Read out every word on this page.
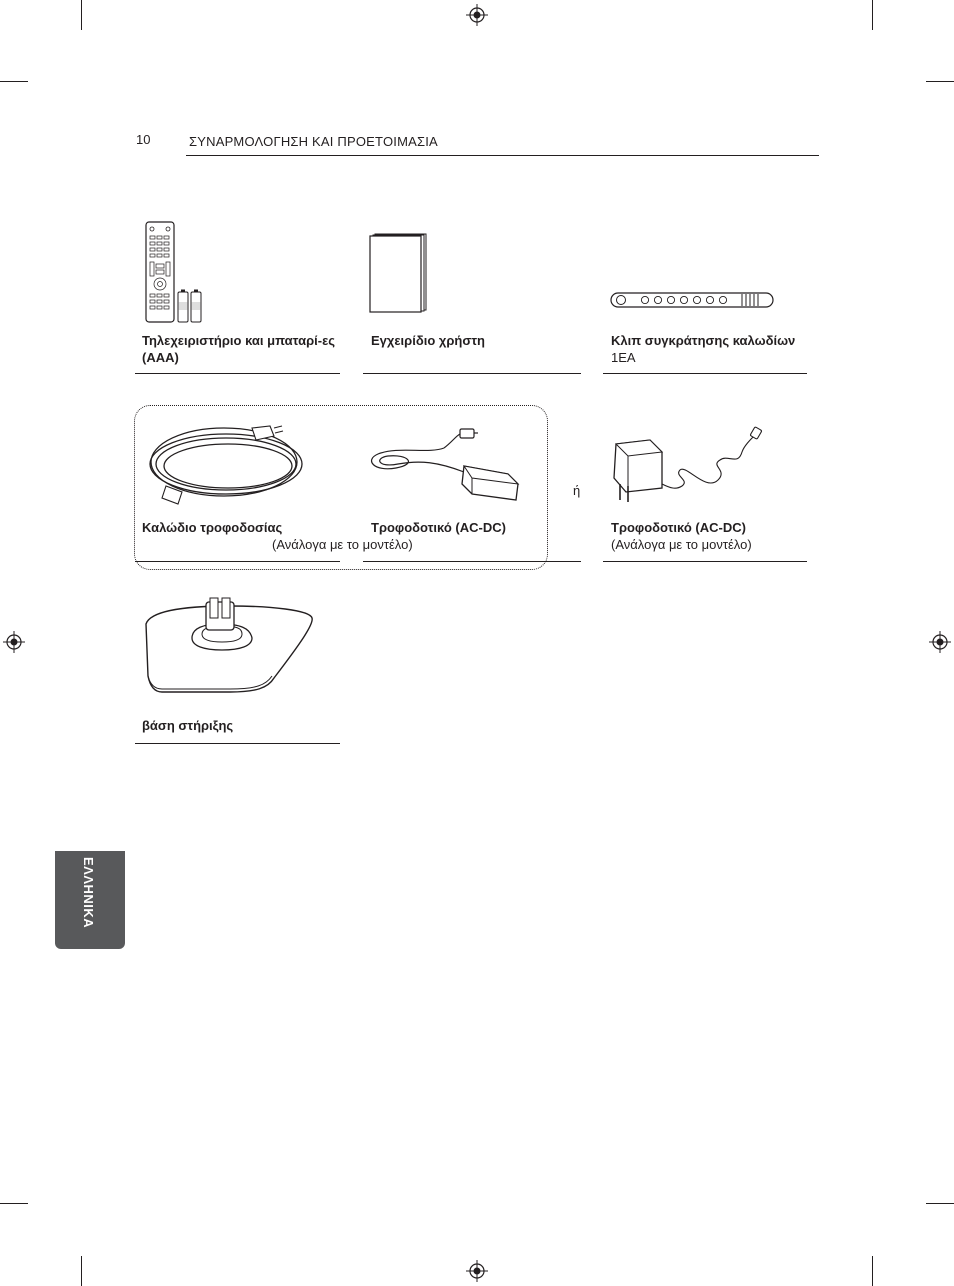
10	ΣΥΝΑΡΜΟΛΟΓΗΣΗ ΚΑΙ ΠΡΟΕΤΟΙΜΑΣΙΑ
Τηλεχειριστήριο και μπαταρί-ες (AAA)
Εγχειρίδιο χρήστη	Κλιπ συγκράτησης καλωδίων
1EA
Καλώδιο τροφοδοσίας	Τροφοδοτικό (AC-DC)
(Ανάλογα με το μοντέλο)
ή
Τροφοδοτικό (AC-DC)
(Ανάλογα με το μοντέλο)
βάση στήριξης
ΕΛΛΗΝΙΚΑ
